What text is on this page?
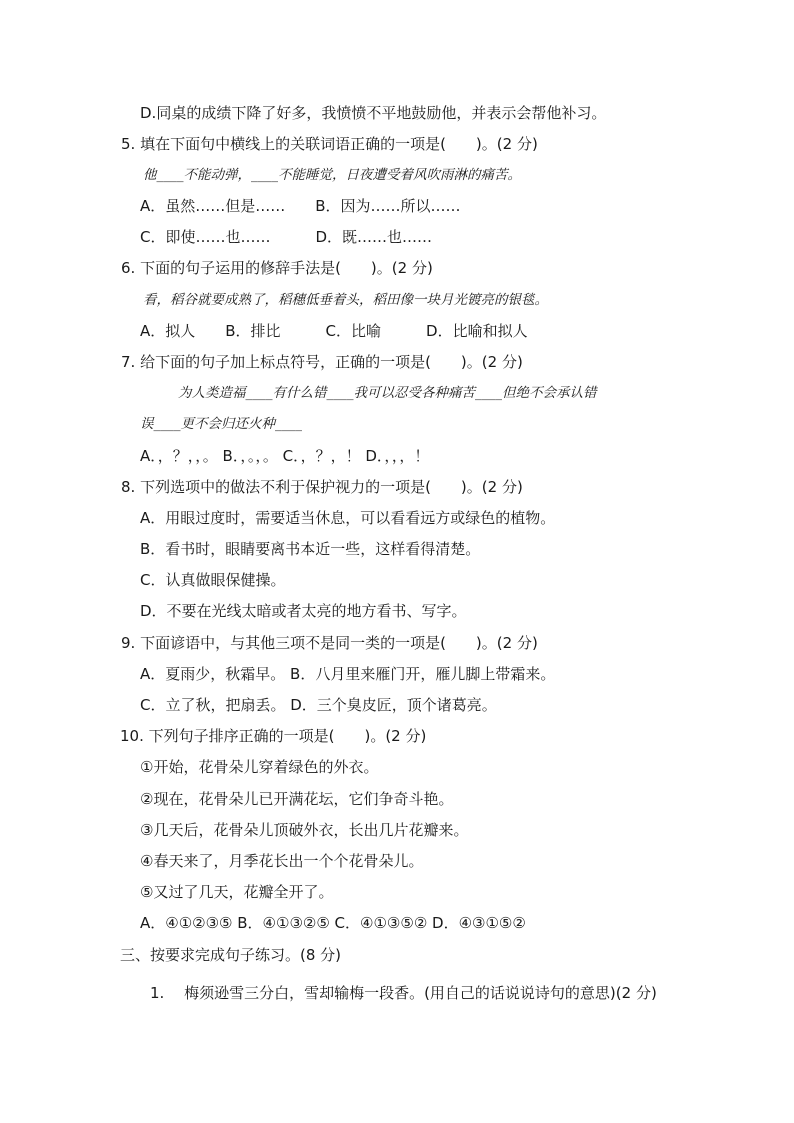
D.同桌的成绩下降了好多，我愤愤不平地鼓励他，并表示会帮他补习。
5. 填在下面句中横线上的关联词语正确的一项是(　　)。(2 分)
他____不能动弹，____不能睡觉，日夜遭受着风吹雨淋的痛苦。
A．虽然……但是……　　B．因为……所以……
C．即使……也……　　　D．既……也……
6. 下面的句子运用的修辞手法是(　　)。(2 分)
看，稻谷就要成熟了，稻穗低垂着头，稻田像一块月光镀亮的银毯。
A．拟人　　B．排比　　　C．比喻　　　D．比喻和拟人
7. 给下面的句子加上标点符号，正确的一项是(　　)。(2 分)
为人类造福____有什么错____我可以忍受各种痛苦____但绝不会承认错
误____更不会归还火种____
A．，？，，。 B．，。，。 C．，？，！ D．，，，！
8. 下列选项中的做法不利于保护视力的一项是(　　)。(2 分)
A．用眼过度时，需要适当休息，可以看看远方或绿色的植物。
B．看书时，眼睛要离书本近一些，这样看得清楚。
C．认真做眼保健操。
D．不要在光线太暗或者太亮的地方看书、写字。
9. 下面谚语中，与其他三项不是同一类的一项是(　　)。(2 分)
A．夏雨少，秋霜早。 B．八月里来雁门开，雁儿脚上带霜来。
C．立了秋，把扇丢。 D．三个臭皮匠，顶个诸葛亮。
10. 下列句子排序正确的一项是(　　)。(2 分)
①开始，花骨朵儿穿着绿色的外衣。
②现在，花骨朵儿已开满花坛，它们争奇斗艳。
③几天后，花骨朵儿顶破外衣，长出几片花瓣来。
④春天来了，月季花长出一个个花骨朵儿。
⑤又过了几天，花瓣全开了。
A．④①②③⑤ B．④①③②⑤ C．④①③⑤② D．④③①⑤②
三、按要求完成句子练习。(8 分)
1.　 梅须逊雪三分白，雪却输梅一段香。(用自己的话说说诗句的意思)(2 分)
